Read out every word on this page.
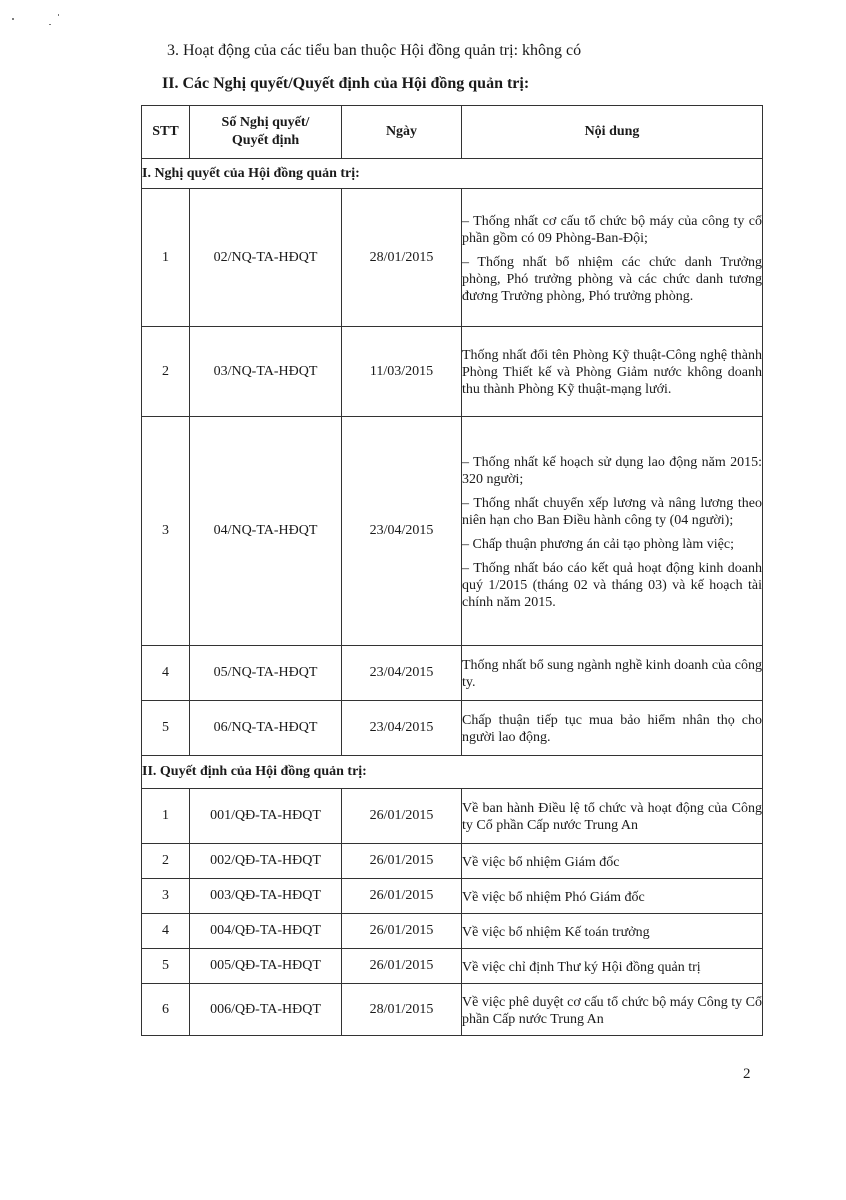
3. Hoạt động của các tiểu ban thuộc Hội đồng quản trị: không có
II. Các Nghị quyết/Quyết định của Hội đồng quản trị:
STT	Số Nghị quyết/ Quyết định	Ngày	Nội dung
I. Nghị quyết của Hội đồng quản trị:			
1	02/NQ-TA-HĐQT	28/01/2015	– Thống nhất cơ cấu tổ chức bộ máy của công ty cổ phần gồm có 09 Phòng-Ban-Đội;

– Thống nhất bổ nhiệm các chức danh Trưởng phòng, Phó trưởng phòng và các chức danh tương đương Trưởng phòng, Phó trưởng phòng.

2	03/NQ-TA-HĐQT	11/03/2015	Thống nhất đổi tên Phòng Kỹ thuật-Công nghệ thành Phòng Thiết kế và Phòng Giảm nước không doanh thu thành Phòng Kỹ thuật-mạng lưới.

3	04/NQ-TA-HĐQT	23/04/2015	– Thống nhất kế hoạch sử dụng lao động năm 2015: 320 người;

– Thống nhất chuyển xếp lương và nâng lương theo niên hạn cho Ban Điều hành công ty (04 người);

– Chấp thuận phương án cải tạo phòng làm việc;

– Thống nhất báo cáo kết quả hoạt động kinh doanh quý 1/2015 (tháng 02 và tháng 03) và kế hoạch tài chính năm 2015.

4	05/NQ-TA-HĐQT	23/04/2015	Thống nhất bổ sung ngành nghề kinh doanh của công ty.

5	06/NQ-TA-HĐQT	23/04/2015	Chấp thuận tiếp tục mua bảo hiểm nhân thọ cho người lao động.

II. Quyết định của Hội đồng quản trị:			
1	001/QĐ-TA-HĐQT	26/01/2015	Về ban hành Điều lệ tổ chức và hoạt động của Công ty Cổ phần Cấp nước Trung An

2	002/QĐ-TA-HĐQT	26/01/2015	Về việc bổ nhiệm Giám đốc

3	003/QĐ-TA-HĐQT	26/01/2015	Về việc bổ nhiệm Phó Giám đốc

4	004/QĐ-TA-HĐQT	26/01/2015	Về việc bổ nhiệm Kế toán trưởng

5	005/QĐ-TA-HĐQT	26/01/2015	Về việc chỉ định Thư ký Hội đồng quản trị

6	006/QĐ-TA-HĐQT	28/01/2015	Về việc phê duyệt cơ cấu tổ chức bộ máy Công ty Cổ phần Cấp nước Trung An

2
